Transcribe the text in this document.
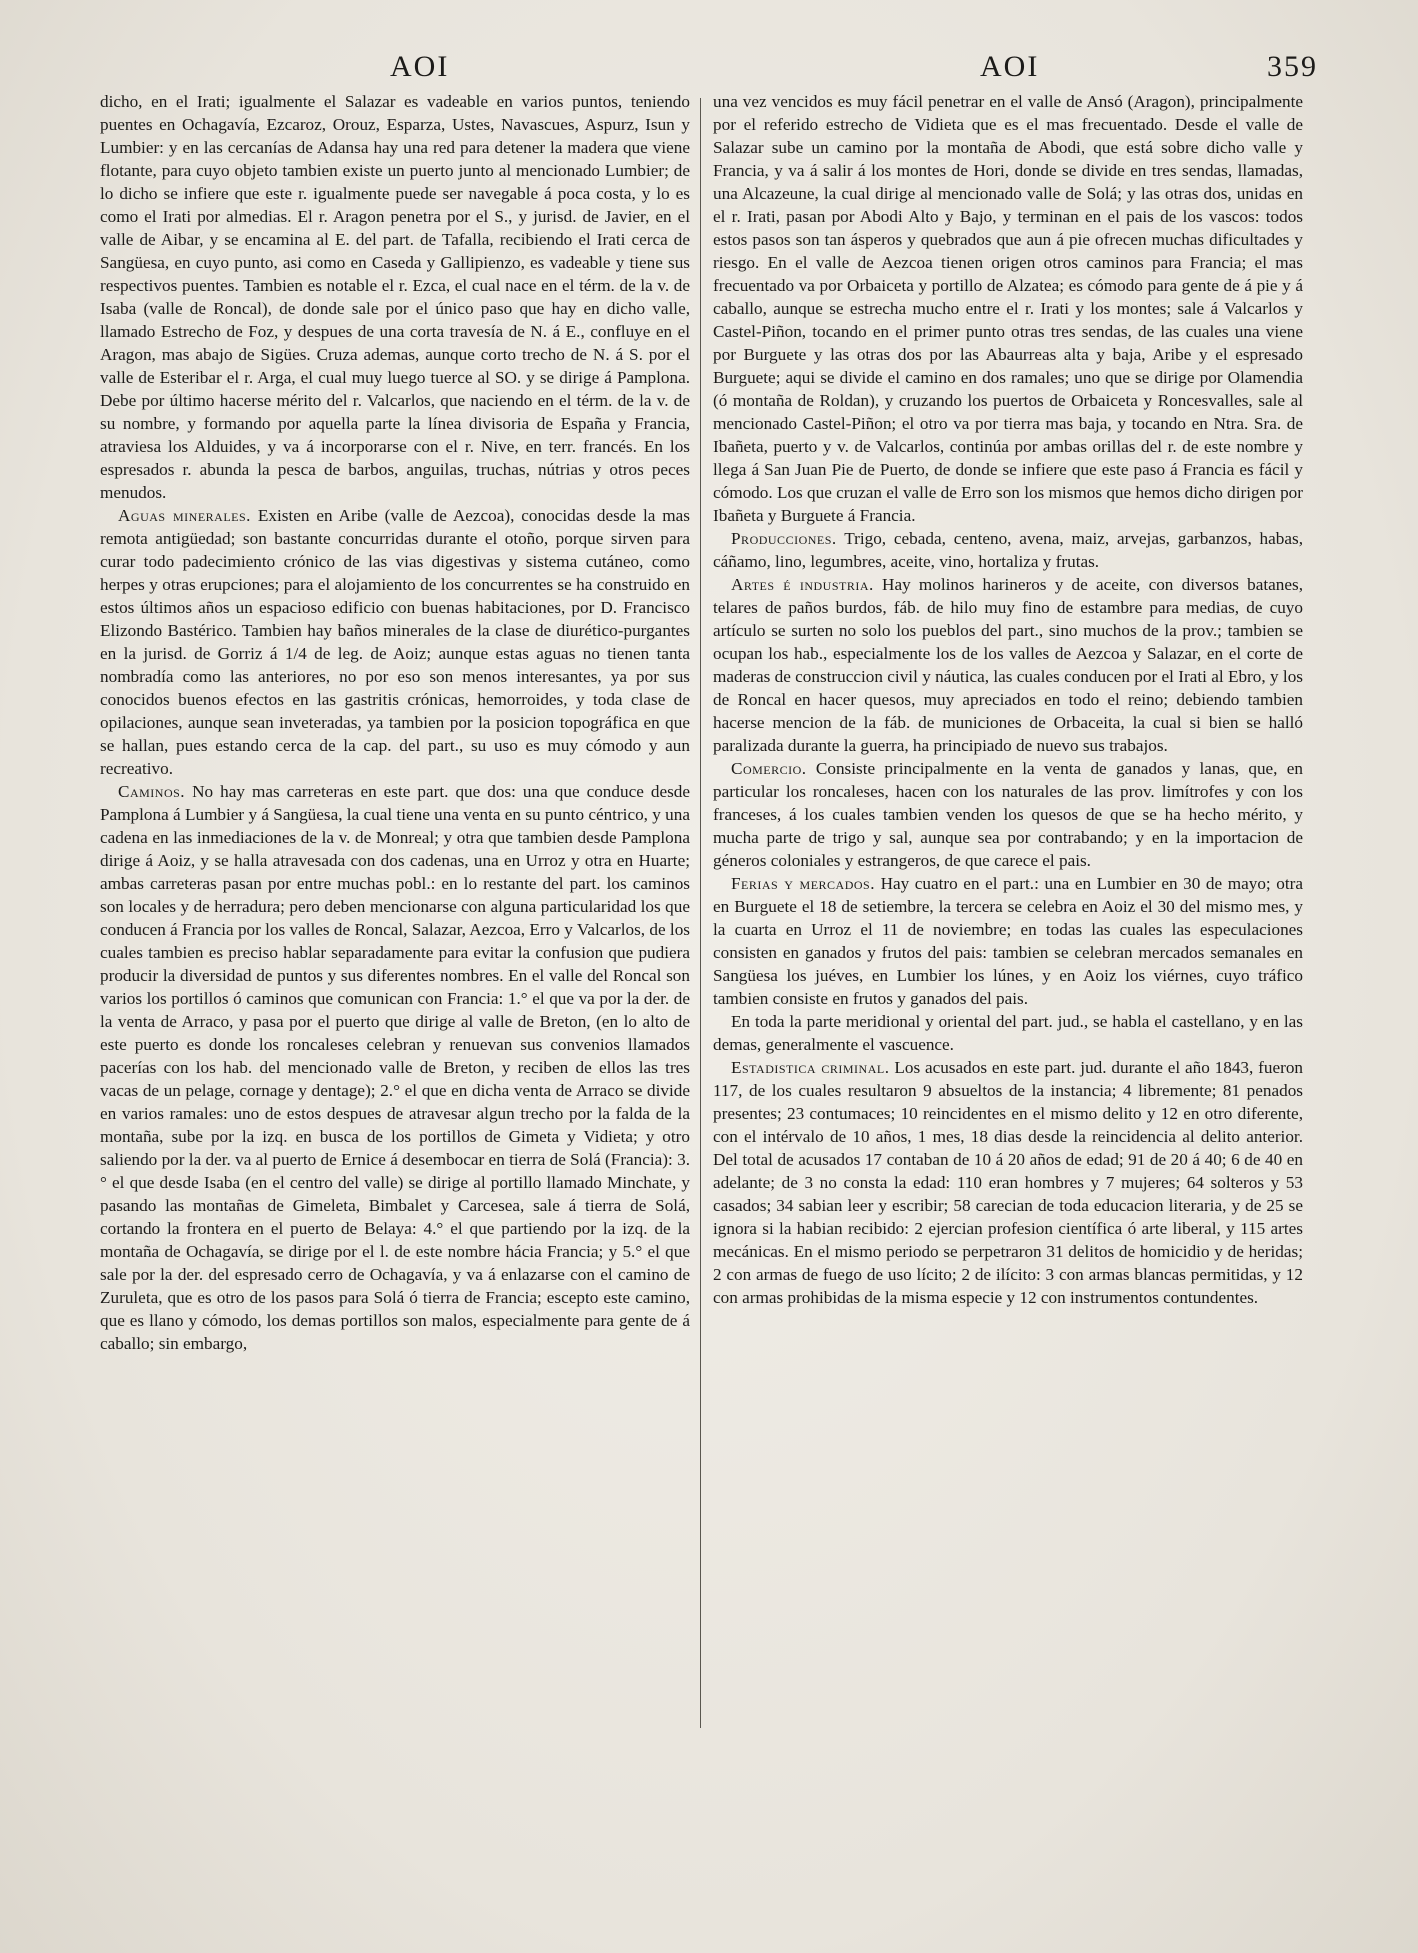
AOI	AOI	359

dicho, en el Irati; igualmente el Salazar es vadeable en varios puntos, teniendo puentes en Ochagavía, Ezcaroz, Orouz, Esparza, Ustes, Navascues, Aspurz, Isun y Lumbier: y en las cercanías de Adansa hay una red para detener la madera que viene flotante, para cuyo objeto tambien existe un puerto junto al mencionado Lumbier; de lo dicho se infiere que este r. igualmente puede ser navegable á poca costa, y lo es como el Irati por almedias. El r. Aragon penetra por el S., y jurisd. de Javier, en el valle de Aibar, y se encamina al E. del part. de Tafalla, recibiendo el Irati cerca de Sangüesa, en cuyo punto, asi como en Caseda y Gallipienzo, es vadeable y tiene sus respectivos puentes. Tambien es notable el r. Ezca, el cual nace en el térm. de la v. de Isaba (valle de Roncal), de donde sale por el único paso que hay en dicho valle, llamado Estrecho de Foz, y despues de una corta travesía de N. á E., confluye en el Aragon, mas abajo de Sigües. Cruza ademas, aunque corto trecho de N. á S. por el valle de Esteribar el r. Arga, el cual muy luego tuerce al SO. y se dirige á Pamplona. Debe por último hacerse mérito del r. Valcarlos, que naciendo en el térm. de la v. de su nombre, y formando por aquella parte la línea divisoria de España y Francia, atraviesa los Alduides, y va á incorporarse con el r. Nive, en terr. francés. En los espresados r. abunda la pesca de barbos, anguilas, truchas, nútrias y otros peces menudos.

Aguas minerales. Existen en Aribe (valle de Aezcoa), conocidas desde la mas remota antigüedad; son bastante concurridas durante el otoño, porque sirven para curar todo padecimiento crónico de las vias digestivas y sistema cutáneo, como herpes y otras erupciones; para el alojamiento de los concurrentes se ha construido en estos últimos años un espacioso edificio con buenas habitaciones, por D. Francisco Elizondo Bastérico. Tambien hay baños minerales de la clase de diurético-purgantes en la jurisd. de Gorriz á 1/4 de leg. de Aoiz; aunque estas aguas no tienen tanta nombradía como las anteriores, no por eso son menos interesantes, ya por sus conocidos buenos efectos en las gastritis crónicas, hemorroides, y toda clase de opilaciones, aunque sean inveteradas, ya tambien por la posicion topográfica en que se hallan, pues estando cerca de la cap. del part., su uso es muy cómodo y aun recreativo.

Caminos. No hay mas carreteras en este part. que dos: una que conduce desde Pamplona á Lumbier y á Sangüesa, la cual tiene una venta en su punto céntrico, y una cadena en las inmediaciones de la v. de Monreal; y otra que tambien desde Pamplona dirige á Aoiz, y se halla atravesada con dos cadenas, una en Urroz y otra en Huarte; ambas carreteras pasan por entre muchas pobl.: en lo restante del part. los caminos son locales y de herradura; pero deben mencionarse con alguna particularidad los que conducen á Francia por los valles de Roncal, Salazar, Aezcoa, Erro y Valcarlos, de los cuales tambien es preciso hablar separadamente para evitar la confusion que pudiera producir la diversidad de puntos y sus diferentes nombres. En el valle del Roncal son varios los portillos ó caminos que comunican con Francia: 1.° el que va por la der. de la venta de Arraco, y pasa por el puerto que dirige al valle de Breton, (en lo alto de este puerto es donde los roncaleses celebran y renuevan sus convenios llamados pacerías con los hab. del mencionado valle de Breton, y reciben de ellos las tres vacas de un pelage, cornage y dentage); 2.° el que en dicha venta de Arraco se divide en varios ramales: uno de estos despues de atravesar algun trecho por la falda de la montaña, sube por la izq. en busca de los portillos de Gimeta y Vidieta; y otro saliendo por la der. va al puerto de Ernice á desembocar en tierra de Solá (Francia): 3.° el que desde Isaba (en el centro del valle) se dirige al portillo llamado Minchate, y pasando las montañas de Gimeleta, Bimbalet y Carcesea, sale á tierra de Solá, cortando la frontera en el puerto de Belaya: 4.° el que partiendo por la izq. de la montaña de Ochagavía, se dirige por el l. de este nombre hácia Francia; y 5.° el que sale por la der. del espresado cerro de Ochagavía, y va á enlazarse con el camino de Zuruleta, que es otro de los pasos para Solá ó tierra de Francia; escepto este camino, que es llano y cómodo, los demas portillos son malos, especialmente para gente de á caballo; sin embargo,

una vez vencidos es muy fácil penetrar en el valle de Ansó (Aragon), principalmente por el referido estrecho de Vidieta que es el mas frecuentado. Desde el valle de Salazar sube un camino por la montaña de Abodi, que está sobre dicho valle y Francia, y va á salir á los montes de Hori, donde se divide en tres sendas, llamadas, una Alcazeune, la cual dirige al mencionado valle de Solá; y las otras dos, unidas en el r. Irati, pasan por Abodi Alto y Bajo, y terminan en el pais de los vascos: todos estos pasos son tan ásperos y quebrados que aun á pie ofrecen muchas dificultades y riesgo. En el valle de Aezcoa tienen origen otros caminos para Francia; el mas frecuentado va por Orbaiceta y portillo de Alzatea; es cómodo para gente de á pie y á caballo, aunque se estrecha mucho entre el r. Irati y los montes; sale á Valcarlos y Castel-Piñon, tocando en el primer punto otras tres sendas, de las cuales una viene por Burguete y las otras dos por las Abaurreas alta y baja, Aribe y el espresado Burguete; aqui se divide el camino en dos ramales; uno que se dirige por Olamendia (ó montaña de Roldan), y cruzando los puertos de Orbaiceta y Roncesvalles, sale al mencionado Castel-Piñon; el otro va por tierra mas baja, y tocando en Ntra. Sra. de Ibañeta, puerto y v. de Valcarlos, continúa por ambas orillas del r. de este nombre y llega á San Juan Pie de Puerto, de donde se infiere que este paso á Francia es fácil y cómodo. Los que cruzan el valle de Erro son los mismos que hemos dicho dirigen por Ibañeta y Burguete á Francia.

Producciones. Trigo, cebada, centeno, avena, maiz, arvejas, garbanzos, habas, cáñamo, lino, legumbres, aceite, vino, hortaliza y frutas.

Artes é industria. Hay molinos harineros y de aceite, con diversos batanes, telares de paños burdos, fáb. de hilo muy fino de estambre para medias, de cuyo artículo se surten no solo los pueblos del part., sino muchos de la prov.; tambien se ocupan los hab., especialmente los de los valles de Aezcoa y Salazar, en el corte de maderas de construccion civil y náutica, las cuales conducen por el Irati al Ebro, y los de Roncal en hacer quesos, muy apreciados en todo el reino; debiendo tambien hacerse mencion de la fáb. de municiones de Orbaceita, la cual si bien se halló paralizada durante la guerra, ha principiado de nuevo sus trabajos.

Comercio. Consiste principalmente en la venta de ganados y lanas, que, en particular los roncaleses, hacen con los naturales de las prov. limítrofes y con los franceses, á los cuales tambien venden los quesos de que se ha hecho mérito, y mucha parte de trigo y sal, aunque sea por contrabando; y en la importacion de géneros coloniales y estrangeros, de que carece el pais.

Ferias y mercados. Hay cuatro en el part.: una en Lumbier en 30 de mayo; otra en Burguete el 18 de setiembre, la tercera se celebra en Aoiz el 30 del mismo mes, y la cuarta en Urroz el 11 de noviembre; en todas las cuales las especulaciones consisten en ganados y frutos del pais: tambien se celebran mercados semanales en Sangüesa los juéves, en Lumbier los lúnes, y en Aoiz los viérnes, cuyo tráfico tambien consiste en frutos y ganados del pais.

En toda la parte meridional y oriental del part. jud., se habla el castellano, y en las demas, generalmente el vascuence.

Estadistica criminal. Los acusados en este part. jud. durante el año 1843, fueron 117, de los cuales resultaron 9 absueltos de la instancia; 4 libremente; 81 penados presentes; 23 contumaces; 10 reincidentes en el mismo delito y 12 en otro diferente, con el intérvalo de 10 años, 1 mes, 18 dias desde la reincidencia al delito anterior. Del total de acusados 17 contaban de 10 á 20 años de edad; 91 de 20 á 40; 6 de 40 en adelante; de 3 no consta la edad: 110 eran hombres y 7 mujeres; 64 solteros y 53 casados; 34 sabian leer y escribir; 58 carecian de toda educacion literaria, y de 25 se ignora si la habian recibido: 2 ejercian profesion científica ó arte liberal, y 115 artes mecánicas. En el mismo periodo se perpetraron 31 delitos de homicidio y de heridas; 2 con armas de fuego de uso lícito; 2 de ilícito: 3 con armas blancas permitidas, y 12 con armas prohibidas de la misma especie y 12 con instrumentos contundentes.
